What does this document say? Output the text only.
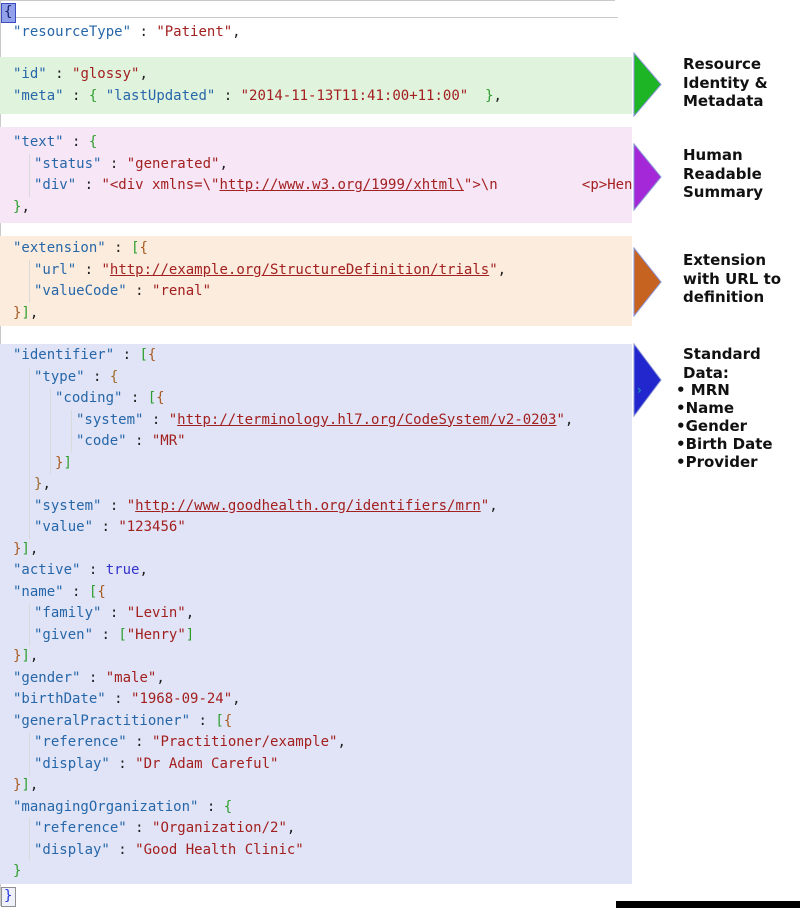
{
"resourceType" : "Patient",
"id" : "glossy",
"meta" : { "lastUpdated" : "2014-11-13T11:41:00+11:00" },
"text" : {
"status" : "generated",
"div" : "<div xmlns=\"http://www.w3.org/1999/xhtml\">\n          <p>Hen
},
"extension" : [{
"url" : "http://example.org/StructureDefinition/trials",
"valueCode" : "renal"
}],
"identifier" : [{
"type" : {
"coding" : [{
"system" : "http://terminology.hl7.org/CodeSystem/v2-0203",
"code" : "MR"
}]
},
"system" : "http://www.goodhealth.org/identifiers/mrn",
"value" : "123456"
}],
"active" : true,
"name" : [{
"family" : "Levin",
"given" : ["Henry"]
}],
"gender" : "male",
"birthDate" : "1968-09-24",
"generalPractitioner" : [{
"reference" : "Practitioner/example",
"display" : "Dr Adam Careful"
}],
"managingOrganization" : {
"reference" : "Organization/2",
"display" : "Good Health Clinic"
}
}
Resource
Identity &
Metadata
Human
Readable
Summary
Extension
with URL to
definition
Standard
Data:
• MRN
•Name
•Gender
•Birth Date
•Provider
›
